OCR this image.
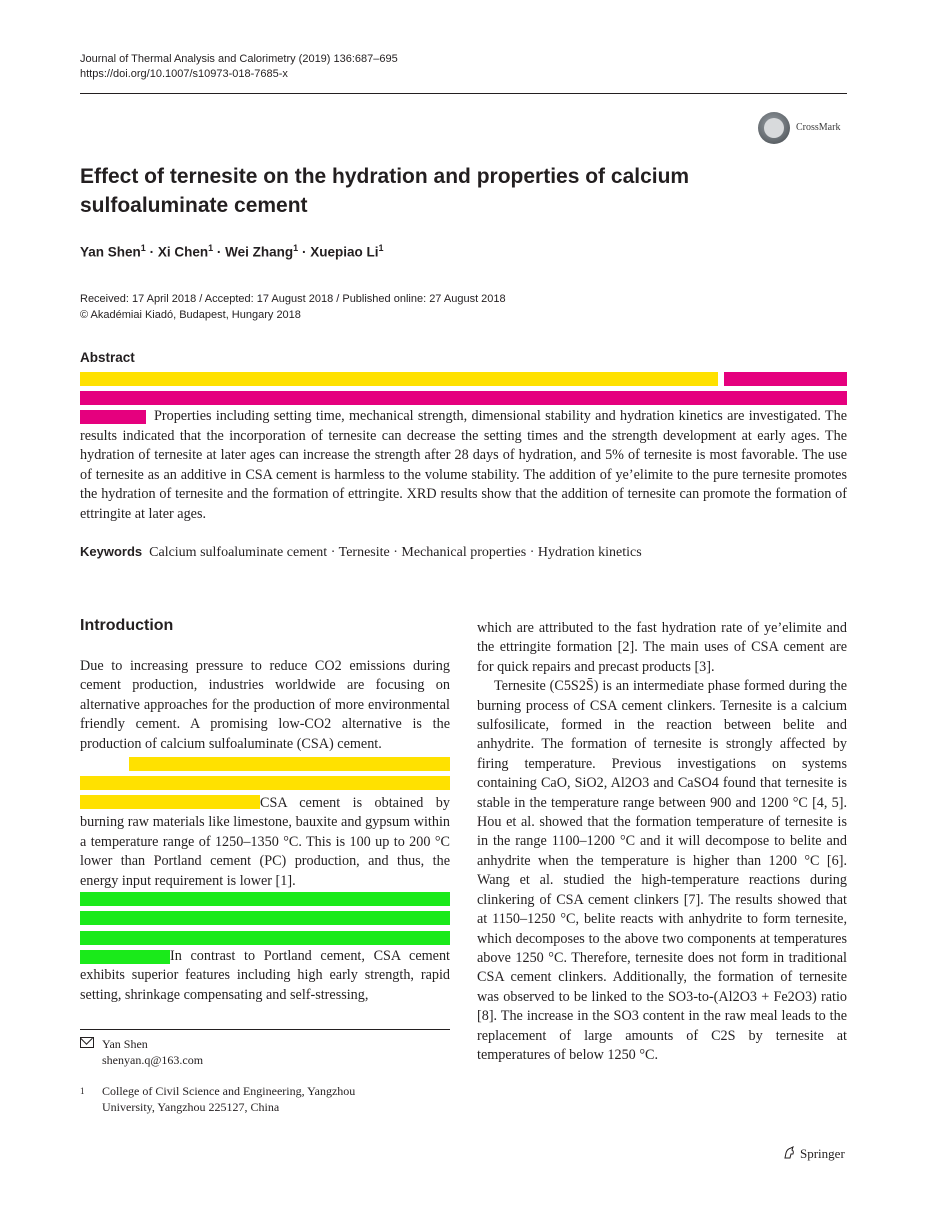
Journal of Thermal Analysis and Calorimetry (2019) 136:687–695
https://doi.org/10.1007/s10973-018-7685-x
CrossMark
Effect of ternesite on the hydration and properties of calcium sulfoaluminate cement
Yan Shen$^1$ · Xi Chen$^1$ · Wei Zhang$^1$ · Xuepiao Li$^1$
Received: 17 April 2018 / Accepted: 17 August 2018 / Published online: 27 August 2018
© Akadémiai Kiadó, Budapest, Hungary 2018
Abstract
Properties including setting time, mechanical strength, dimensional stability and hydration kinetics are investigated. The results indicated that the incorporation of ternesite can decrease the setting times and the strength development at early ages. The hydration of ternesite at later ages can increase the strength after 28 days of hydration, and 5% of ternesite is most favorable. The use of ternesite as an additive in CSA cement is harmless to the volume stability. The addition of ye’elimite to the pure ternesite promotes the hydration of ternesite and the formation of ettringite. XRD results show that the addition of ternesite can promote the formation of ettringite at later ages.
Keywords Calcium sulfoaluminate cement · Ternesite · Mechanical properties · Hydration kinetics
Introduction

Due to increasing pressure to reduce CO2 emissions during cement production, industries worldwide are focusing on alternative approaches for the production of more environmental friendly cement. A promising low-CO2 alternative is the production of calcium sulfoaluminate (CSA) cement.

CSA cement is obtained by burning raw materials like limestone, bauxite and gypsum within a temperature range of 1250–1350 °C. This is 100 up to 200 °C lower than Portland cement (PC) production, and thus, the energy input requirement is lower [1].

In contrast to Portland cement, CSA cement exhibits superior features including high early strength, rapid setting, shrinkage compensating and self-stressing,

Yan Shen
shenyan.q@163.com
1 College of Civil Science and Engineering, Yangzhou University, Yangzhou 225127, China

which are attributed to the fast hydration rate of ye’elimite and the ettringite formation [2]. The main uses of CSA cement are for quick repairs and precast products [3].

Ternesite (C5S2S̄) is an intermediate phase formed during the burning process of CSA cement clinkers. Ternesite is a calcium sulfosilicate, formed in the reaction between belite and anhydrite. The formation of ternesite is strongly affected by firing temperature. Previous investigations on systems containing CaO, SiO2, Al2O3 and CaSO4 found that ternesite is stable in the temperature range between 900 and 1200 °C [4, 5]. Hou et al. showed that the formation temperature of ternesite is in the range 1100–1200 °C and it will decompose to belite and anhydrite when the temperature is higher than 1200 °C [6]. Wang et al. studied the high-temperature reactions during clinkering of CSA cement clinkers [7]. The results showed that at 1150–1250 °C, belite reacts with anhydrite to form ternesite, which decomposes to the above two components at temperatures above 1250 °C. Therefore, ternesite does not form in traditional CSA cement clinkers. Additionally, the formation of ternesite was observed to be linked to the SO3-to-(Al2O3 + Fe2O3) ratio [8]. The increase in the SO3 content in the raw meal leads to the replacement of large amounts of C2S by ternesite at temperatures of below 1250 °C.

Springer
